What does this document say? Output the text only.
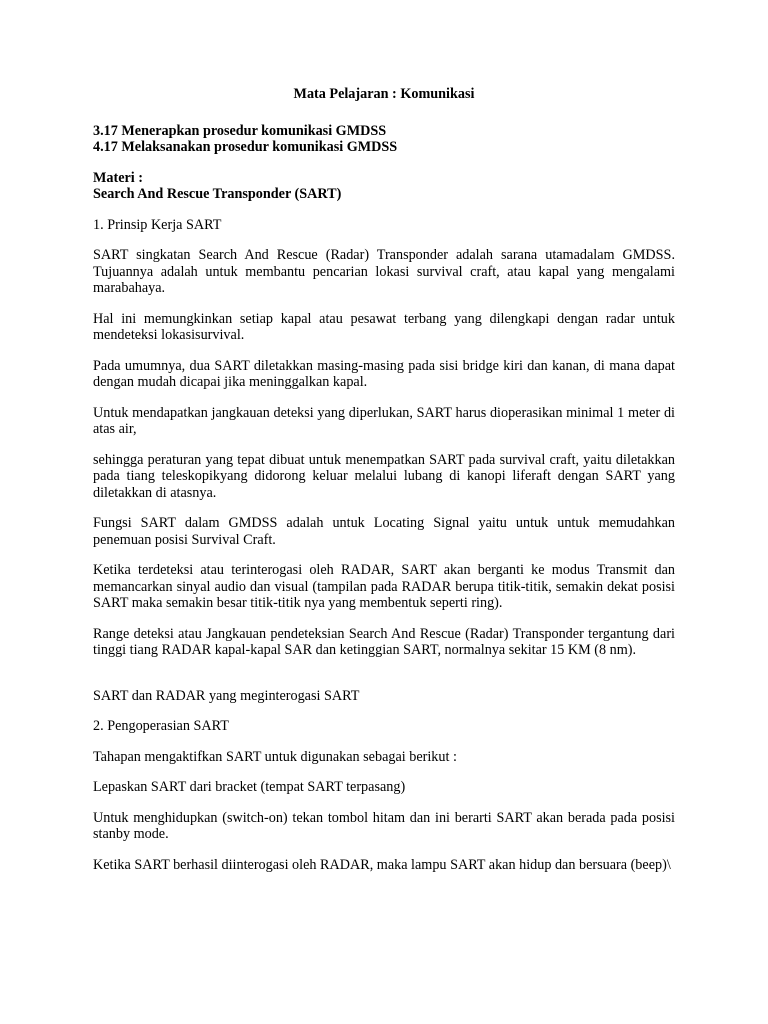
Mata Pelajaran : Komunikasi
3.17 Menerapkan prosedur komunikasi GMDSS
4.17 Melaksanakan prosedur komunikasi GMDSS
Materi :
Search And Rescue Transponder (SART)

1. Prinsip Kerja SART

SART singkatan Search And Rescue (Radar) Transponder adalah sarana utamadalam GMDSS. Tujuannya adalah untuk membantu pencarian lokasi survival craft, atau kapal yang mengalami marabahaya.

Hal ini memungkinkan setiap kapal atau pesawat terbang yang dilengkapi dengan radar untuk mendeteksi lokasisurvival.

Pada umumnya, dua SART diletakkan masing-masing pada sisi bridge kiri dan kanan, di mana dapat dengan mudah dicapai jika meninggalkan kapal.

Untuk mendapatkan jangkauan deteksi yang diperlukan, SART harus dioperasikan minimal 1 meter di atas air,

sehingga peraturan yang tepat dibuat untuk menempatkan SART pada survival craft, yaitu diletakkan pada tiang teleskopikyang didorong keluar melalui lubang di kanopi liferaft dengan SART yang diletakkan di atasnya.

Fungsi SART dalam GMDSS adalah untuk Locating Signal yaitu untuk untuk memudahkan penemuan posisi Survival Craft.

Ketika terdeteksi atau terinterogasi oleh RADAR, SART akan berganti ke modus Transmit dan memancarkan sinyal audio dan visual (tampilan pada RADAR berupa titik-titik, semakin dekat posisi SART maka semakin besar titik-titik nya yang membentuk seperti ring).

Range deteksi atau Jangkauan pendeteksian Search And Rescue (Radar) Transponder tergantung dari tinggi tiang RADAR kapal-kapal SAR dan ketinggian SART, normalnya sekitar 15 KM (8 nm).

SART dan RADAR yang meginterogasi SART

2. Pengoperasian SART

Tahapan mengaktifkan SART untuk digunakan sebagai berikut :

Lepaskan SART dari bracket (tempat SART terpasang)

Untuk menghidupkan (switch-on) tekan tombol hitam dan ini berarti SART akan berada pada posisi stanby mode.

Ketika SART berhasil diinterogasi oleh RADAR, maka lampu SART akan hidup dan bersuara (beep)\
